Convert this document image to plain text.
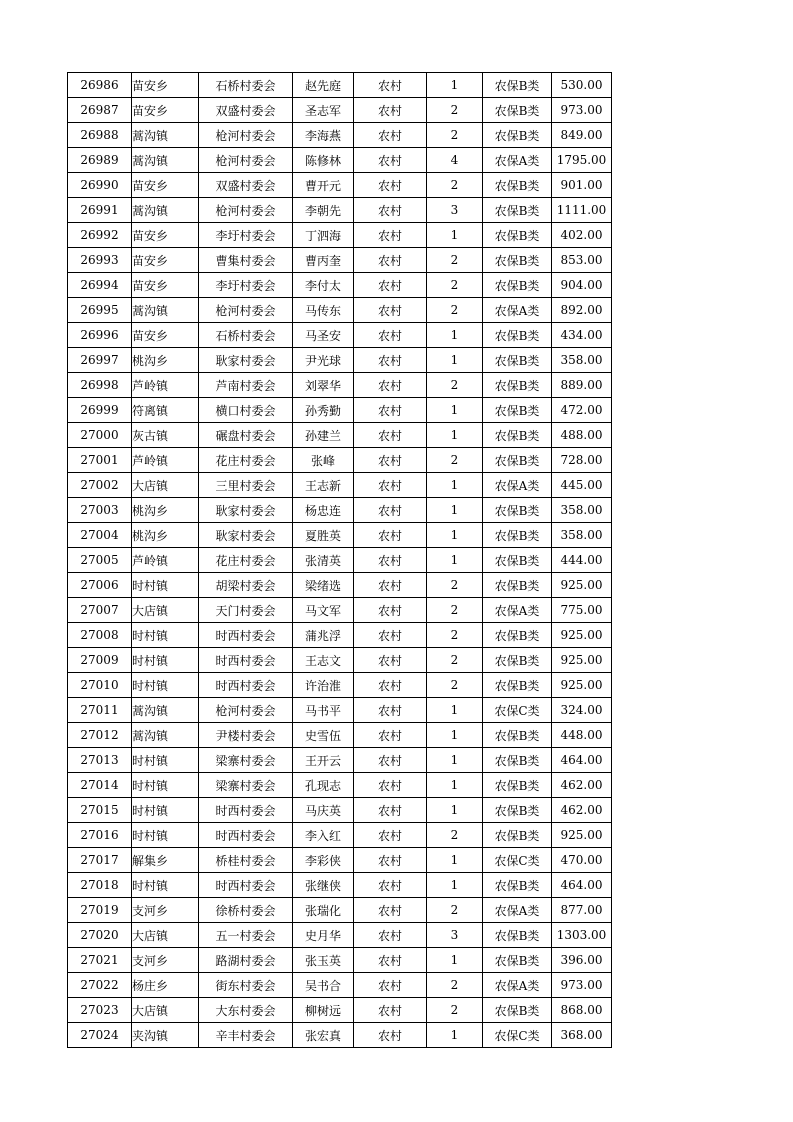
26986	苗安乡	石桥村委会	赵先庭	农村	1	农保B类	530.00
26987	苗安乡	双盛村委会	圣志军	农村	2	农保B类	973.00
26988	蒿沟镇	枪河村委会	李海燕	农村	2	农保B类	849.00
26989	蒿沟镇	枪河村委会	陈修林	农村	4	农保A类	1795.00
26990	苗安乡	双盛村委会	曹开元	农村	2	农保B类	901.00
26991	蒿沟镇	枪河村委会	李朝先	农村	3	农保B类	1111.00
26992	苗安乡	李圩村委会	丁泗海	农村	1	农保B类	402.00
26993	苗安乡	曹集村委会	曹丙奎	农村	2	农保B类	853.00
26994	苗安乡	李圩村委会	李付太	农村	2	农保B类	904.00
26995	蒿沟镇	枪河村委会	马传东	农村	2	农保A类	892.00
26996	苗安乡	石桥村委会	马圣安	农村	1	农保B类	434.00
26997	桃沟乡	耿家村委会	尹光球	农村	1	农保B类	358.00
26998	芦岭镇	芦南村委会	刘翠华	农村	2	农保B类	889.00
26999	符离镇	横口村委会	孙秀勤	农村	1	农保B类	472.00
27000	灰古镇	碾盘村委会	孙建兰	农村	1	农保B类	488.00
27001	芦岭镇	花庄村委会	张峰	农村	2	农保B类	728.00
27002	大店镇	三里村委会	王志新	农村	1	农保A类	445.00
27003	桃沟乡	耿家村委会	杨忠连	农村	1	农保B类	358.00
27004	桃沟乡	耿家村委会	夏胜英	农村	1	农保B类	358.00
27005	芦岭镇	花庄村委会	张清英	农村	1	农保B类	444.00
27006	时村镇	胡梁村委会	梁绪选	农村	2	农保B类	925.00
27007	大店镇	天门村委会	马文军	农村	2	农保A类	775.00
27008	时村镇	时西村委会	蒲兆浮	农村	2	农保B类	925.00
27009	时村镇	时西村委会	王志文	农村	2	农保B类	925.00
27010	时村镇	时西村委会	许治淮	农村	2	农保B类	925.00
27011	蒿沟镇	枪河村委会	马书平	农村	1	农保C类	324.00
27012	蒿沟镇	尹楼村委会	史雪伍	农村	1	农保B类	448.00
27013	时村镇	梁寨村委会	王开云	农村	1	农保B类	464.00
27014	时村镇	梁寨村委会	孔现志	农村	1	农保B类	462.00
27015	时村镇	时西村委会	马庆英	农村	1	农保B类	462.00
27016	时村镇	时西村委会	李入红	农村	2	农保B类	925.00
27017	解集乡	桥桂村委会	李彩侠	农村	1	农保C类	470.00
27018	时村镇	时西村委会	张继侠	农村	1	农保B类	464.00
27019	支河乡	徐桥村委会	张瑞化	农村	2	农保A类	877.00
27020	大店镇	五一村委会	史月华	农村	3	农保B类	1303.00
27021	支河乡	路湖村委会	张玉英	农村	1	农保B类	396.00
27022	杨庄乡	街东村委会	吴书合	农村	2	农保A类	973.00
27023	大店镇	大东村委会	柳树远	农村	2	农保B类	868.00
27024	夹沟镇	辛丰村委会	张宏真	农村	1	农保C类	368.00
